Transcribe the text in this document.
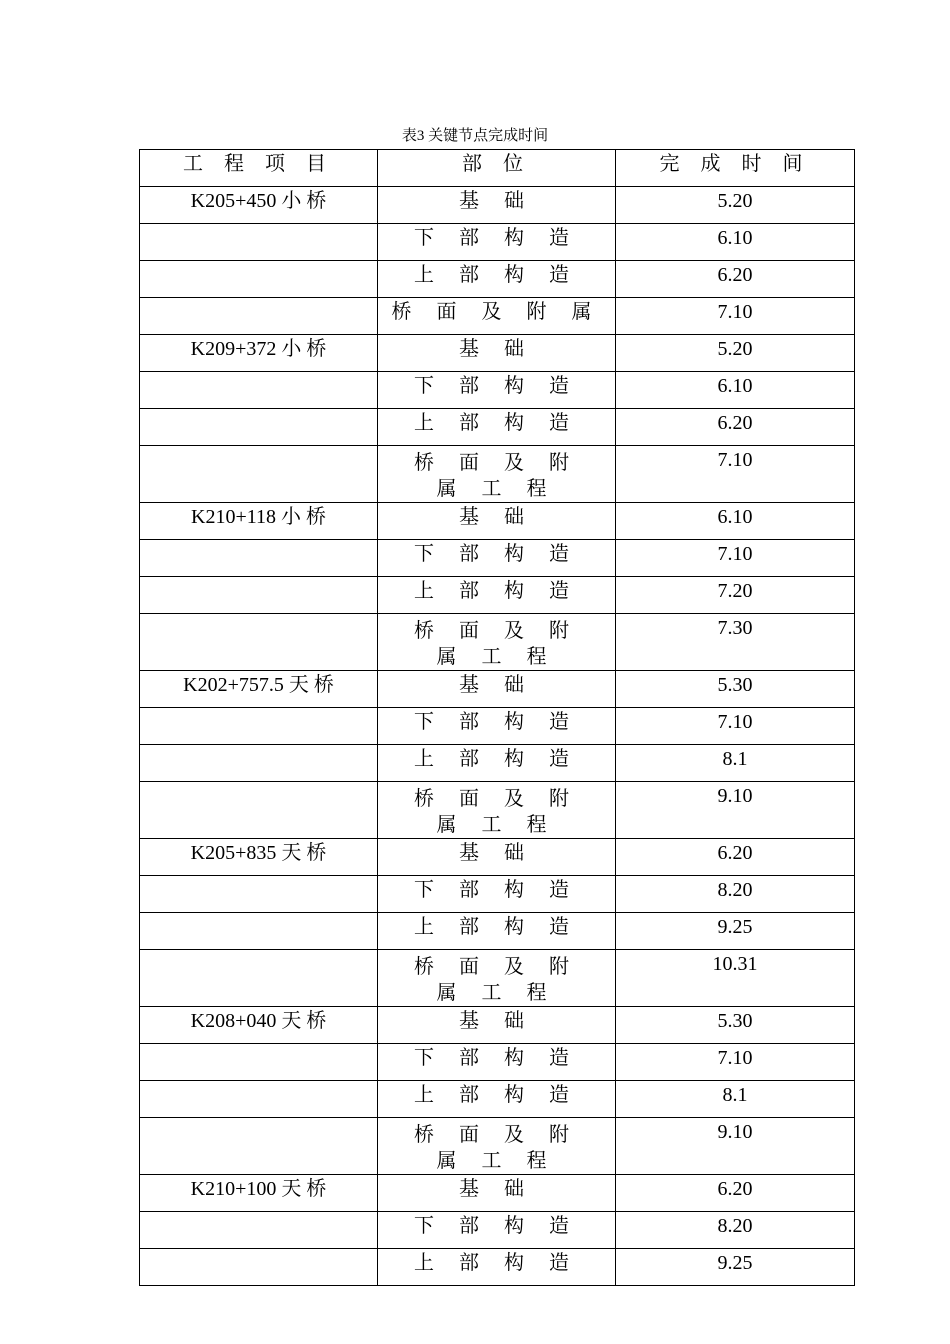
表3 关键节点完成时间
工 程 项 目	部 位	完 成 时 间

K205+450 小 桥	基 础	5.20

	下 部 构 造	6.10

	上 部 构 造	6.20

	桥 面 及 附 属	7.10

K209+372 小 桥	基 础	5.20

	下 部 构 造	6.10

	上 部 构 造	6.20

	桥 面 及 附 属 工 程	7.10

K210+118 小 桥	基 础	6.10

	下 部 构 造	7.10

	上 部 构 造	7.20

	桥 面 及 附 属 工 程	7.30

K202+757.5 天 桥	基 础	5.30

	下 部 构 造	7.10

	上 部 构 造	8.1

	桥 面 及 附 属 工 程	9.10

K205+835 天 桥	基 础	6.20

	下 部 构 造	8.20

	上 部 构 造	9.25

	桥 面 及 附 属 工 程	10.31

K208+040 天 桥	基 础	5.30

	下 部 构 造	7.10

	上 部 构 造	8.1

	桥 面 及 附 属 工 程	9.10

K210+100 天 桥	基 础	6.20

	下 部 构 造	8.20

	上 部 构 造	9.25
